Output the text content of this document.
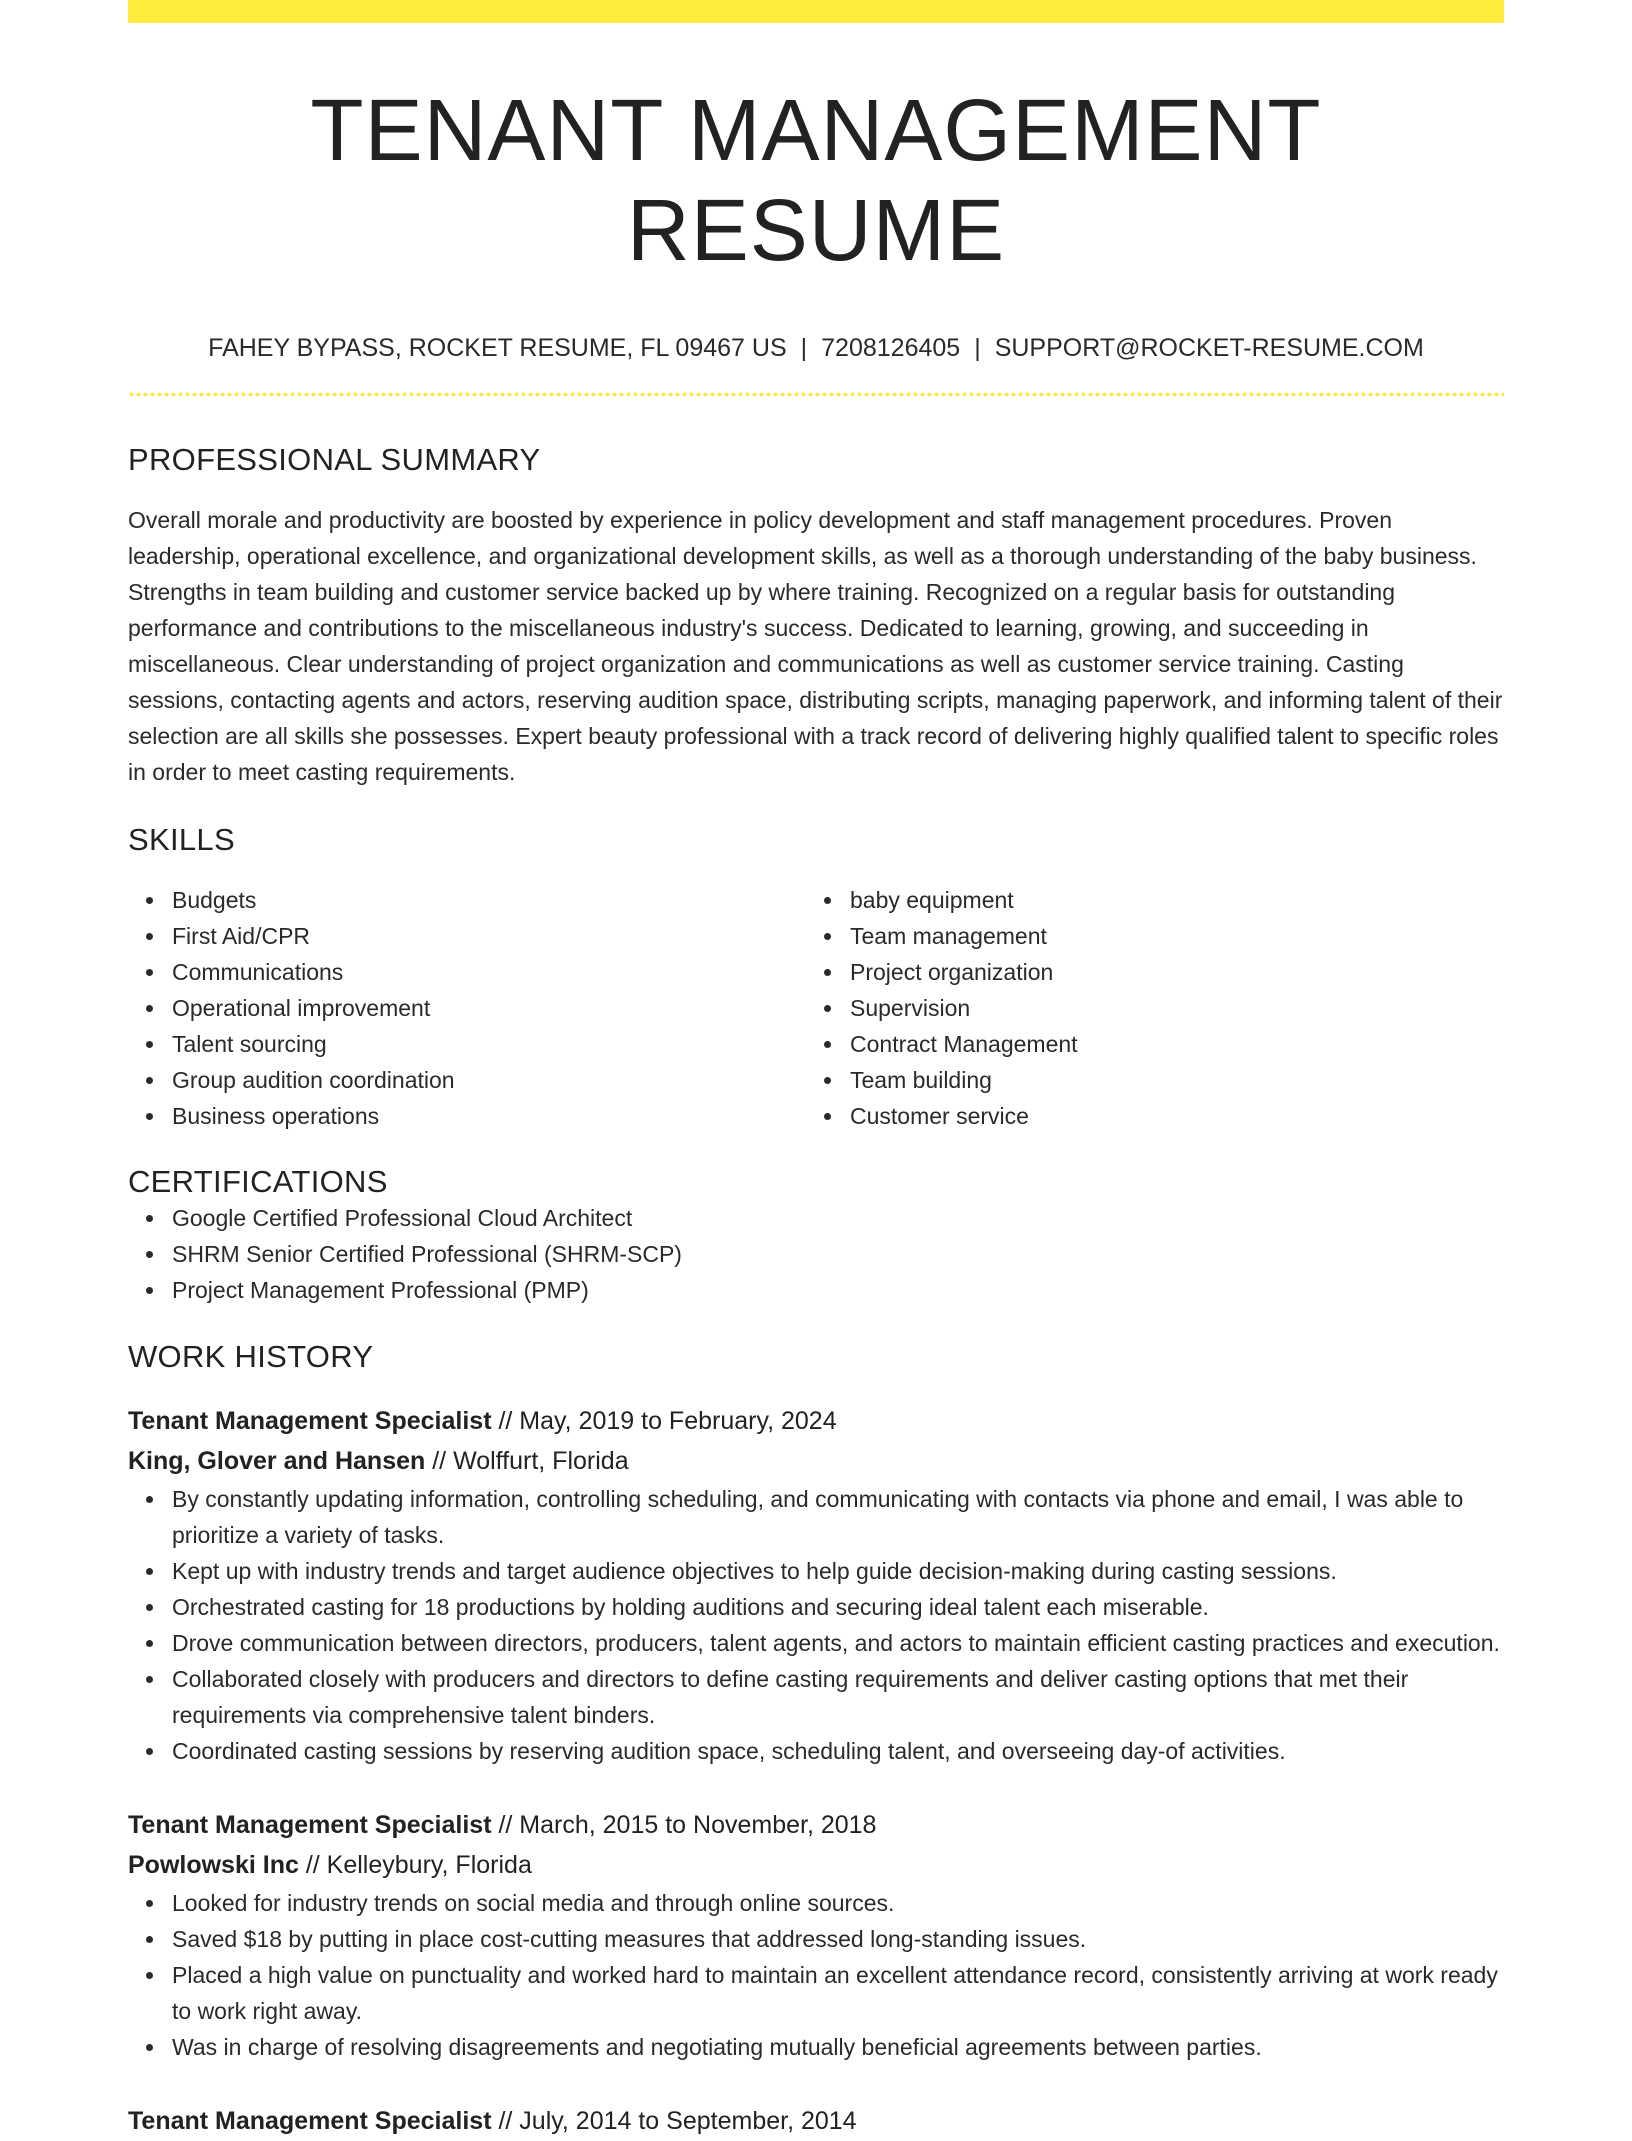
TENANT MANAGEMENT RESUME
FAHEY BYPASS, ROCKET RESUME, FL 09467 US | 7208126405 | SUPPORT@ROCKET-RESUME.COM
PROFESSIONAL SUMMARY

Overall morale and productivity are boosted by experience in policy development and staff management procedures. Proven leadership, operational excellence, and organizational development skills, as well as a thorough understanding of the baby business. Strengths in team building and customer service backed up by where training. Recognized on a regular basis for outstanding performance and contributions to the miscellaneous industry's success. Dedicated to learning, growing, and succeeding in miscellaneous. Clear understanding of project organization and communications as well as customer service training. Casting sessions, contacting agents and actors, reserving audition space, distributing scripts, managing paperwork, and informing talent of their selection are all skills she possesses. Expert beauty professional with a track record of delivering highly qualified talent to specific roles in order to meet casting requirements.

SKILLS
Budgets
First Aid/CPR
Communications
Operational improvement
Talent sourcing
Group audition coordination
Business operations
baby equipment
Team management
Project organization
Supervision
Contract Management
Team building
Customer service
CERTIFICATIONS
Google Certified Professional Cloud Architect
SHRM Senior Certified Professional (SHRM-SCP)
Project Management Professional (PMP)
WORK HISTORY
Tenant Management Specialist // May, 2019 to February, 2024
King, Glover and Hansen // Wolffurt, Florida
By constantly updating information, controlling scheduling, and communicating with contacts via phone and email, I was able to prioritize a variety of tasks.
Kept up with industry trends and target audience objectives to help guide decision-making during casting sessions.
Orchestrated casting for 18 productions by holding auditions and securing ideal talent each miserable.
Drove communication between directors, producers, talent agents, and actors to maintain efficient casting practices and execution.
Collaborated closely with producers and directors to define casting requirements and deliver casting options that met their requirements via comprehensive talent binders.
Coordinated casting sessions by reserving audition space, scheduling talent, and overseeing day-of activities.
Tenant Management Specialist // March, 2015 to November, 2018
Powlowski Inc // Kelleybury, Florida
Looked for industry trends on social media and through online sources.
Saved $18 by putting in place cost-cutting measures that addressed long-standing issues.
Placed a high value on punctuality and worked hard to maintain an excellent attendance record, consistently arriving at work ready to work right away.
Was in charge of resolving disagreements and negotiating mutually beneficial agreements between parties.
Tenant Management Specialist // July, 2014 to September, 2014
